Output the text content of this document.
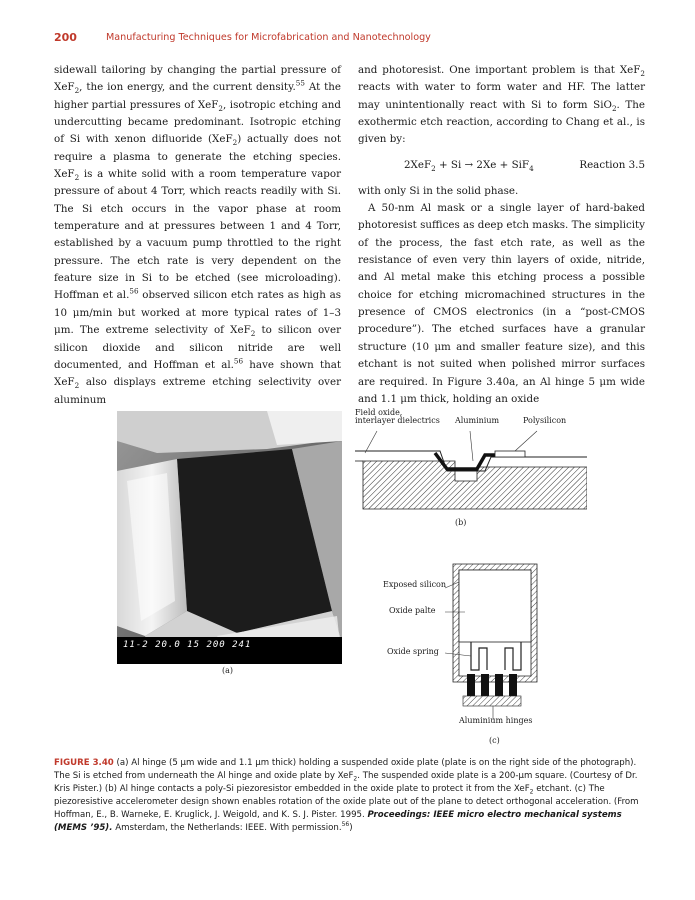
200	Manufacturing Techniques for Microfabrication and Nanotechnology

sidewall tailoring by changing the partial pressure of XeF$_2$, the ion energy, and the current density.$^{55}$ At the higher partial pressures of XeF$_2$, isotropic etching and undercutting became predominant. Isotropic etching of Si with xenon difluoride (XeF$_2$) actually does not require a plasma to generate the etching species. XeF$_2$ is a white solid with a room temperature vapor pressure of about 4 Torr, which reacts readily with Si. The Si etch occurs in the vapor phase at room temperature and at pressures between 1 and 4 Torr, established by a vacuum pump throttled to the right pressure. The etch rate is very dependent on the feature size in Si to be etched (see microloading). Hoffman et al.$^{56}$ observed silicon etch rates as high as 10 μm/min but worked at more typical rates of 1–3 μm. The extreme selectivity of XeF$_2$ to silicon over silicon dioxide and silicon nitride are well documented, and Hoffman et al.$^{56}$ have shown that XeF$_2$ also displays extreme etching selectivity over aluminum

and photoresist. One important problem is that XeF$_2$ reacts with water to form water and HF. The latter may unintentionally react with Si to form SiO$_2$. The exothermic etch reaction, according to Chang et al., is given by:

2XeF$_2$ + Si → 2Xe + SiF$_4$	Reaction 3.5

with only Si in the solid phase.

A 50-nm Al mask or a single layer of hard-baked photoresist suffices as deep etch masks. The simplicity of the process, the fast etch rate, as well as the resistance of even very thin layers of oxide, nitride, and Al metal make this etching process a possible choice for etching micromachined structures in the presence of CMOS electronics (in a “post-CMOS procedure”). The etched surfaces have a granular structure (10 μm and smaller feature size), and this etchant is not suited when polished mirror surfaces are required. In Figure 3.40a, an Al hinge 5 μm wide and 1.1 μm thick, holding an oxide

11-2 20.0 15 200 241
(a)
Field oxide,
interlayer dielectrics Aluminium	Polysilicon
(b)
Exposed silicon
Oxide palte
Oxide spring
Aluminium hinges
(c)
FIGURE 3.40 (a) Al hinge (5 μm wide and 1.1 μm thick) holding a suspended oxide plate (plate is on the right side of the photograph). The Si is etched from underneath the Al hinge and oxide plate by XeF$_2$. The suspended oxide plate is a 200-μm square. (Courtesy of Dr. Kris Pister.) (b) Al hinge contacts a poly-Si piezoresistor embedded in the oxide plate to protect it from the XeF$_2$ etchant. (c) The piezoresistive accelerometer design shown enables rotation of the oxide plate out of the plane to detect orthogonal acceleration. (From Hoffman, E., B. Warneke, E. Kruglick, J. Weigold, and K. S. J. Pister. 1995. Proceedings: IEEE micro electro mechanical systems (MEMS ’95). Amsterdam, the Netherlands: IEEE. With permission.$^{56}$)
